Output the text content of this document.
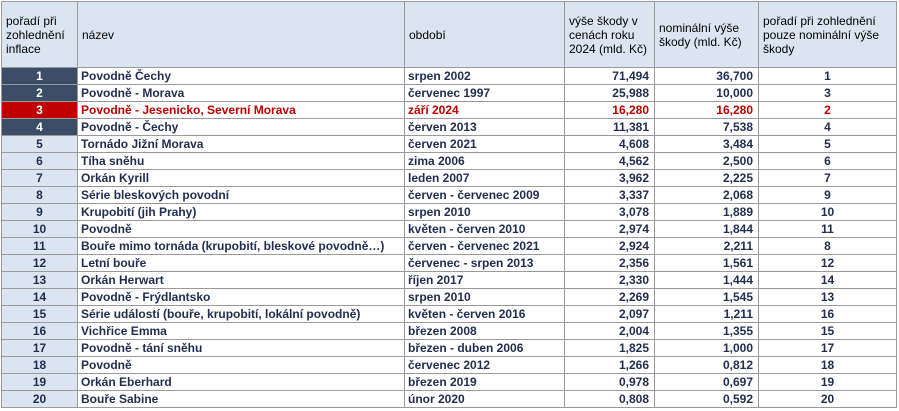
pořadí při zohlednění inflace	název	období	výše škody v cenách roku 2024 (mld. Kč)	nominální výše škody (mld. Kč)	pořadí při zohlednění pouze nominální výše škody
1	Povodně Čechy	srpen 2002	71,494	36,700	1
2	Povodně - Morava	červenec 1997	25,988	10,000	3
3	Povodně - Jesenicko, Severní Morava	září 2024	16,280	16,280	2
4	Povodně - Čechy	červen 2013	11,381	7,538	4
5	Tornádo Jižní Morava	červen 2021	4,608	3,484	5
6	Tíha sněhu	zima 2006	4,562	2,500	6
7	Orkán Kyrill	leden 2007	3,962	2,225	7
8	Série bleskových povodní	červen - červenec 2009	3,337	2,068	9
9	Krupobití (jih Prahy)	srpen 2010	3,078	1,889	10
10	Povodně	květen - červen 2010	2,974	1,844	11
11	Bouře mimo tornáda (krupobití, bleskové povodně…)	červen - červenec 2021	2,924	2,211	8
12	Letní bouře	červenec - srpen 2013	2,356	1,561	12
13	Orkán Herwart	říjen 2017	2,330	1,444	14
14	Povodně - Frýdlantsko	srpen 2010	2,269	1,545	13
15	Série událostí (bouře, krupobití, lokální povodně)	květen - červen 2016	2,097	1,211	16
16	Vichřice Emma	březen 2008	2,004	1,355	15
17	Povodně - tání sněhu	březen - duben 2006	1,825	1,000	17
18	Povodně	červenec 2012	1,266	0,812	18
19	Orkán Eberhard	březen 2019	0,978	0,697	19
20	Bouře Sabine	únor 2020	0,808	0,592	20
